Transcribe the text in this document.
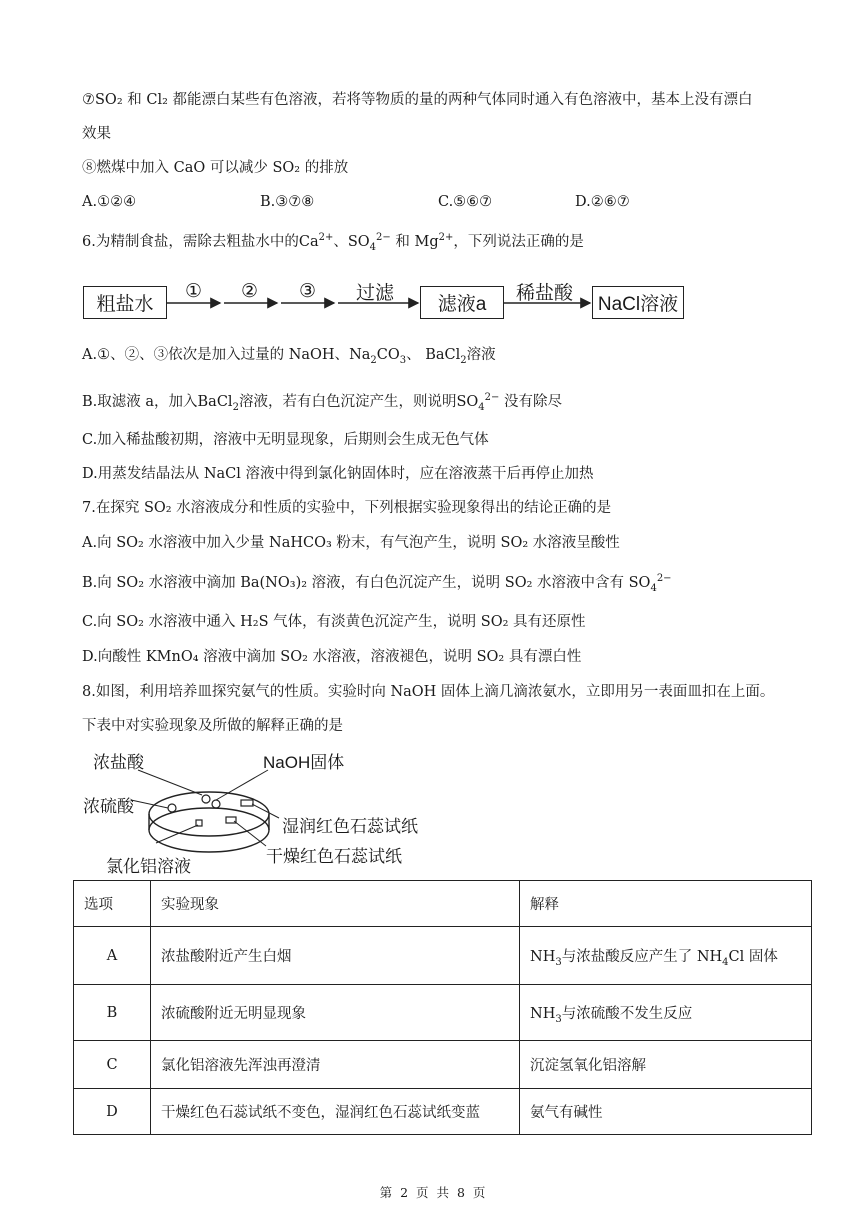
⑦SO₂ 和 Cl₂ 都能漂白某些有色溶液，若将等物质的量的两种气体同时通入有色溶液中，基本上没有漂白
效果
⑧燃煤中加入 CaO 可以减少 SO₂ 的排放
A.①②④	B.③⑦⑧	C.⑤⑥⑦	D.②⑥⑦
6.为精制食盐，需除去粗盐水中的$Ca^{2+}$、$SO_4^{2-}$ 和 $Mg^{2+}$，下列说法正确的是
粗盐水
① ② ③ 过滤
滤液a
稀盐酸
NaCl溶液
A.①、②、③依次是加入过量的 NaOH、$Na_2CO_3$、 BaCl$_2$溶液
B.取滤液 a，加入BaCl$_2$溶液，若有白色沉淀产生，则说明$SO_4^{2-}$ 没有除尽
C.加入稀盐酸初期，溶液中无明显现象，后期则会生成无色气体
D.用蒸发结晶法从 NaCl 溶液中得到氯化钠固体时，应在溶液蒸干后再停止加热
7.在探究 SO₂ 水溶液成分和性质的实验中，下列根据实验现象得出的结论正确的是
A.向 SO₂ 水溶液中加入少量 NaHCO₃ 粉末，有气泡产生，说明 SO₂ 水溶液呈酸性
B.向 SO₂ 水溶液中滴加 Ba(NO₃)₂ 溶液，有白色沉淀产生，说明 SO₂ 水溶液中含有 $SO_4^{2-}$
C.向 SO₂ 水溶液中通入 H₂S 气体，有淡黄色沉淀产生，说明 SO₂ 具有还原性
D.向酸性 KMnO₄ 溶液中滴加 SO₂ 水溶液，溶液褪色，说明 SO₂ 具有漂白性
8.如图，利用培养皿探究氨气的性质。实验时向 NaOH 固体上滴几滴浓氨水，立即用另一表面皿扣在上面。
下表中对实验现象及所做的解释正确的是
浓盐酸	NaOH固体
浓硫酸
湿润红色石蕊试纸
干燥红色石蕊试纸
氯化铝溶液
选项	实验现象	解释
A	浓盐酸附近产生白烟	$NH_3$与浓盐酸反应产生了 $NH_4Cl$ 固体
B	浓硫酸附近无明显现象	$NH_3$与浓硫酸不发生反应
C	氯化铝溶液先浑浊再澄清	沉淀氢氧化铝溶解
D	干燥红色石蕊试纸不变色，湿润红色石蕊试纸变蓝	氨气有碱性
第 2 页 共 8 页
